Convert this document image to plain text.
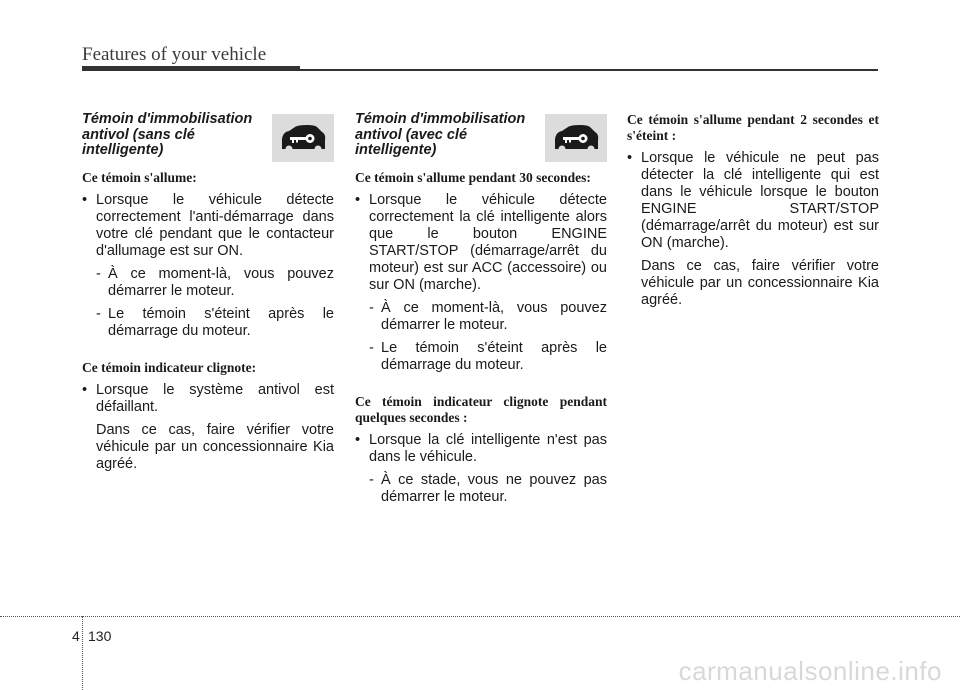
Features of your vehicle
Témoin d'immobilisation antivol (sans clé intelligente)

Ce témoin s'allume:

• Lorsque le véhicule détecte correctement l'anti-démarrage dans votre clé pendant que le contacteur d'allumage est sur ON.

- À ce moment-là, vous pouvez démarrer le moteur.

- Le témoin s'éteint après le démarrage du moteur.

Ce témoin indicateur clignote:

• Lorsque le système antivol est défaillant.

Dans ce cas, faire vérifier votre véhicule par un concessionnaire Kia agréé.

Témoin d'immobilisation antivol (avec clé intelligente)

Ce témoin s'allume pendant 30 secondes:

• Lorsque le véhicule détecte correctement la clé intelligente alors que le bouton ENGINE START/STOP (démarrage/arrêt du moteur) est sur ACC (accessoire) ou sur ON (marche).

- À ce moment-là, vous pouvez démarrer le moteur.

- Le témoin s'éteint après le démarrage du moteur.

Ce témoin indicateur clignote pendant quelques secondes :

• Lorsque la clé intelligente n'est pas dans le véhicule.

- À ce stade, vous ne pouvez pas démarrer le moteur.

Ce témoin s'allume pendant 2 secondes et s'éteint :

• Lorsque le véhicule ne peut pas détecter la clé intelligente qui est dans le véhicule lorsque le bouton ENGINE START/STOP (démarrage/arrêt du moteur) est sur ON (marche).

Dans ce cas, faire vérifier votre véhicule par un concessionnaire Kia agréé.

4 130
carmanualsonline.info
